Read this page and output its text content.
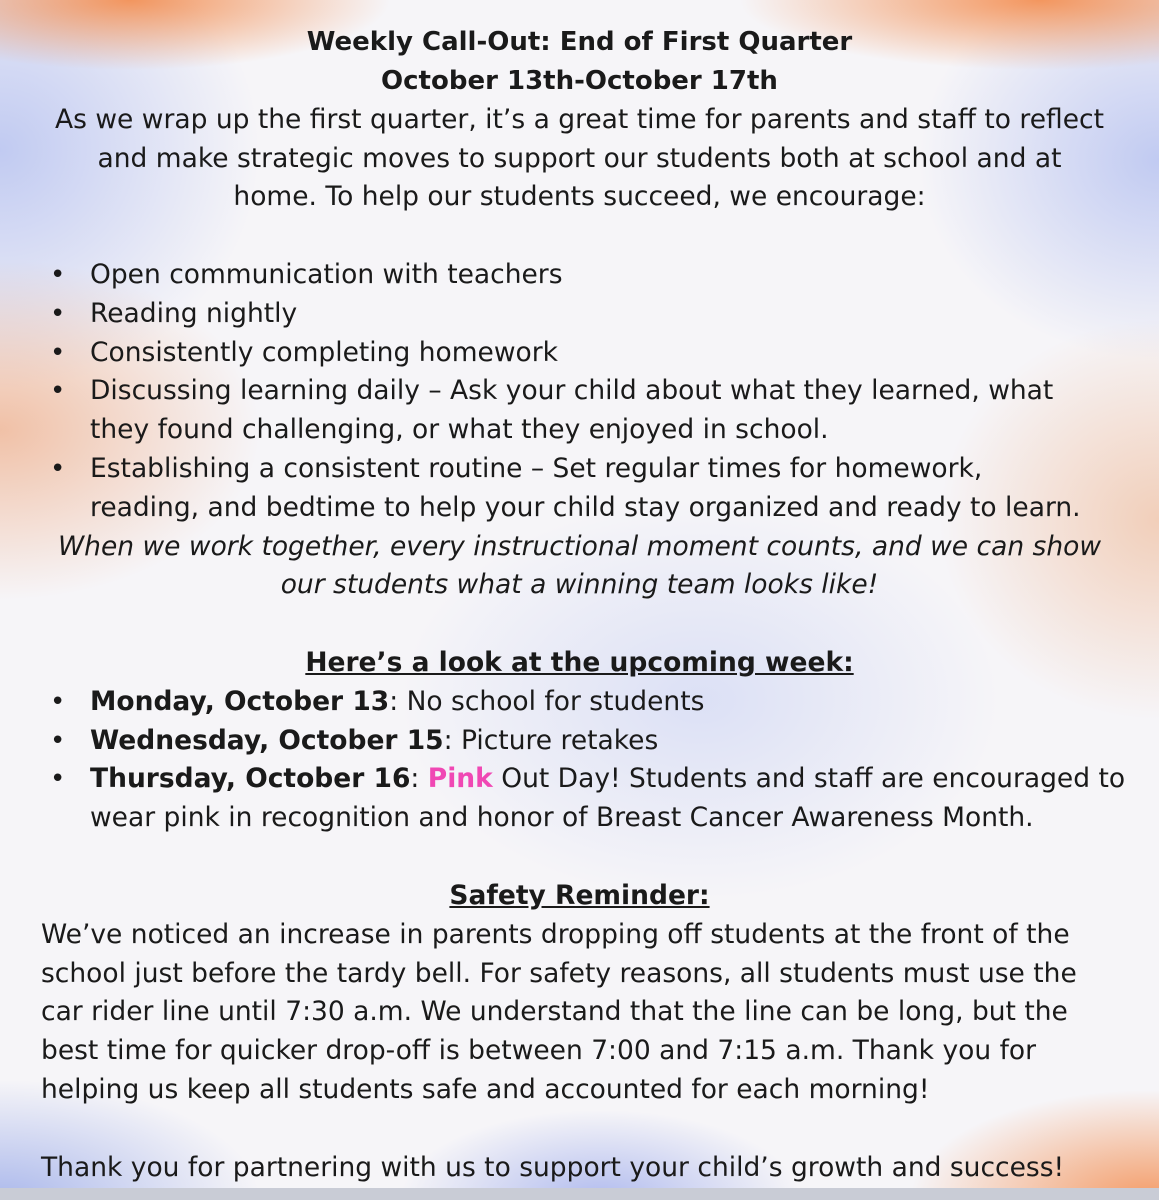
Weekly Call-Out: End of First Quarter
October 13th-October 17th
As we wrap up the first quarter, it’s a great time for parents and staff to reflect
and make strategic moves to support our students both at school and at
home. To help our students succeed, we encourage:
• Open communication with teachers
• Reading nightly
• Consistently completing homework
• Discussing learning daily – Ask your child about what they learned, what
they found challenging, or what they enjoyed in school.
• Establishing a consistent routine – Set regular times for homework,
reading, and bedtime to help your child stay organized and ready to learn.
When we work together, every instructional moment counts, and we can show
our students what a winning team looks like!
Here’s a look at the upcoming week:
• Monday, October 13: No school for students
• Wednesday, October 15: Picture retakes
• Thursday, October 16: Pink Out Day! Students and staff are encouraged to
wear pink in recognition and honor of Breast Cancer Awareness Month.
Safety Reminder:
We’ve noticed an increase in parents dropping off students at the front of the
school just before the tardy bell. For safety reasons, all students must use the
car rider line until 7:30 a.m. We understand that the line can be long, but the
best time for quicker drop-off is between 7:00 and 7:15 a.m. Thank you for
helping us keep all students safe and accounted for each morning!
Thank you for partnering with us to support your child’s growth and success!
